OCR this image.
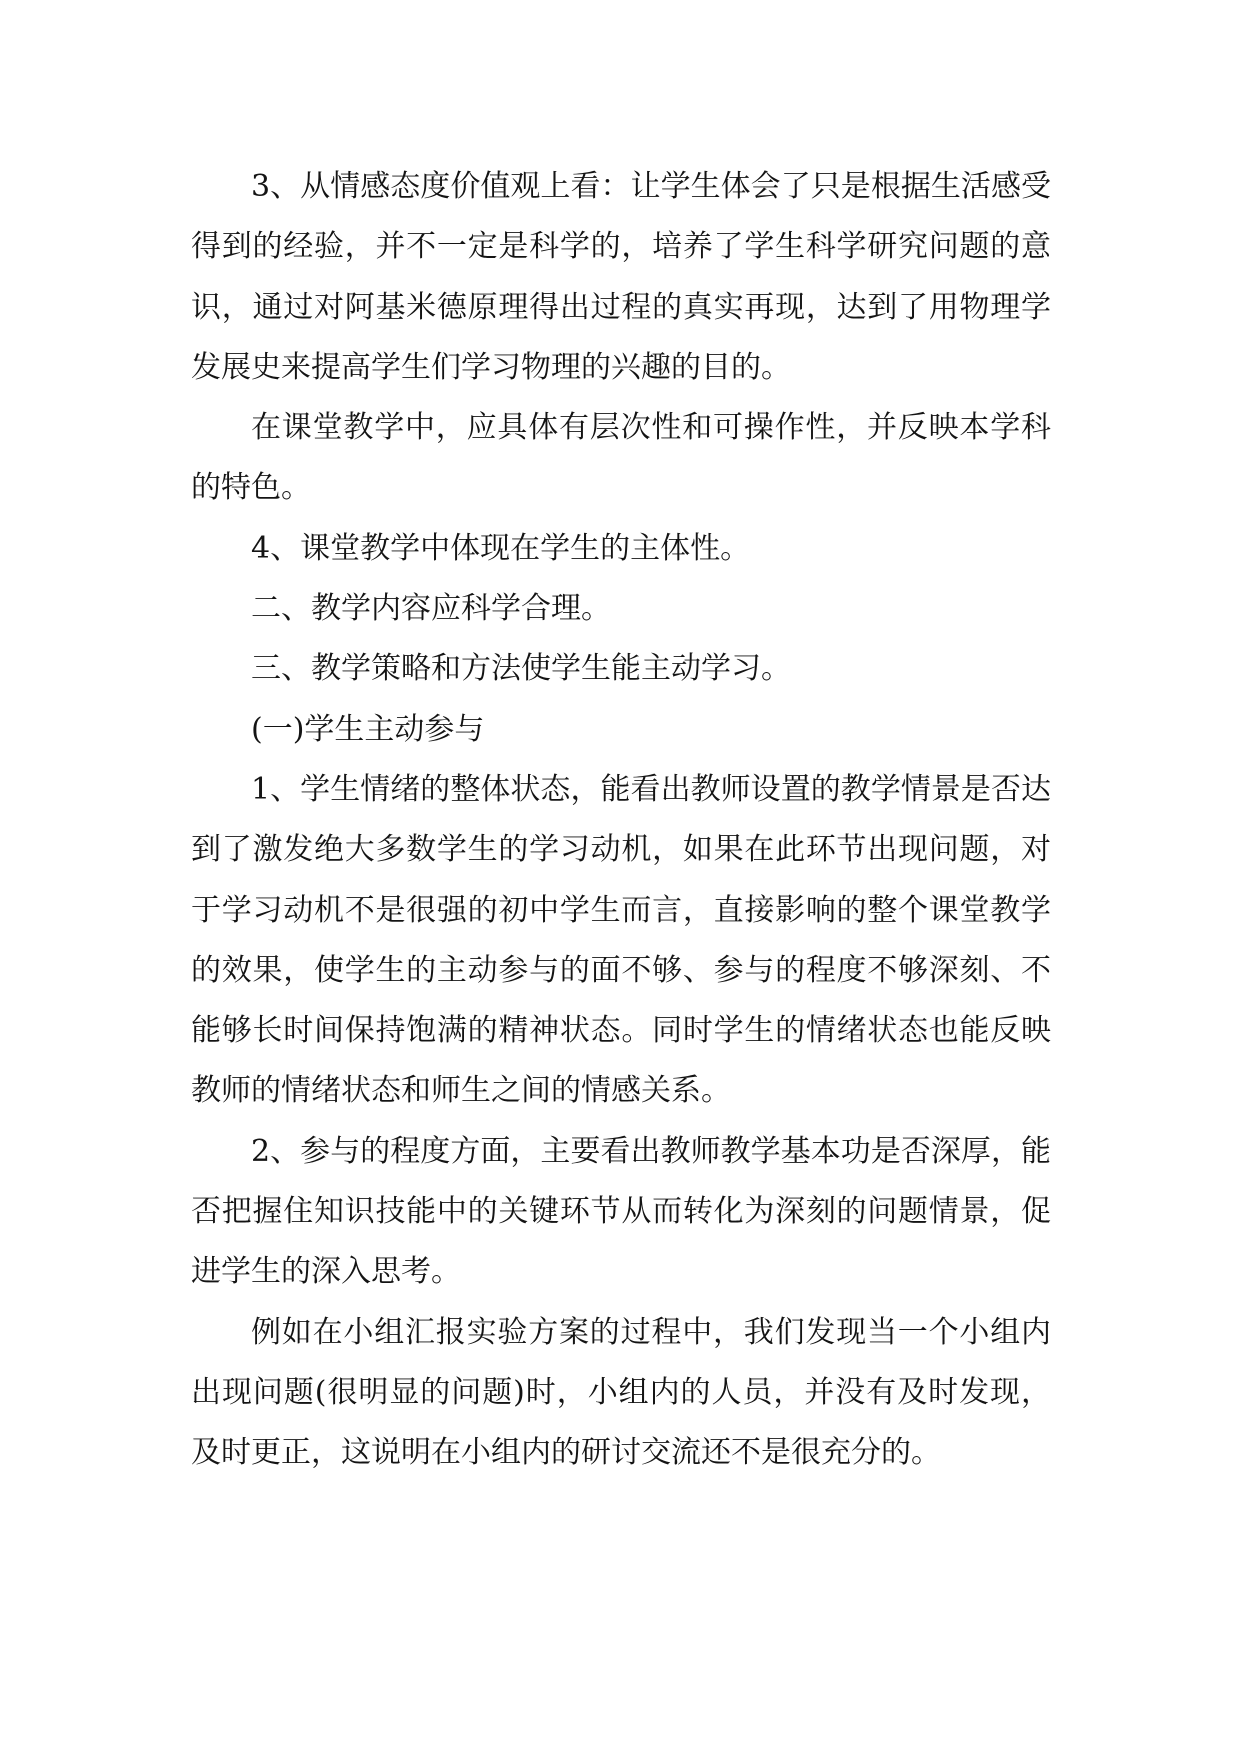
3、从情感态度价值观上看：让学生体会了只是根据生活感受得到的经验，并不一定是科学的，培养了学生科学研究问题的意识，通过对阿基米德原理得出过程的真实再现，达到了用物理学发展史来提高学生们学习物理的兴趣的目的。

在课堂教学中，应具体有层次性和可操作性，并反映本学科的特色。

4、课堂教学中体现在学生的主体性。

二、教学内容应科学合理。

三、教学策略和方法使学生能主动学习。

(一)学生主动参与

1、学生情绪的整体状态，能看出教师设置的教学情景是否达到了激发绝大多数学生的学习动机，如果在此环节出现问题，对于学习动机不是很强的初中学生而言，直接影响的整个课堂教学的效果，使学生的主动参与的面不够、参与的程度不够深刻、不能够长时间保持饱满的精神状态。同时学生的情绪状态也能反映教师的情绪状态和师生之间的情感关系。

2、参与的程度方面，主要看出教师教学基本功是否深厚，能否把握住知识技能中的关键环节从而转化为深刻的问题情景，促进学生的深入思考。

例如在小组汇报实验方案的过程中，我们发现当一个小组内出现问题(很明显的问题)时，小组内的人员，并没有及时发现，及时更正，这说明在小组内的研讨交流还不是很充分的。
